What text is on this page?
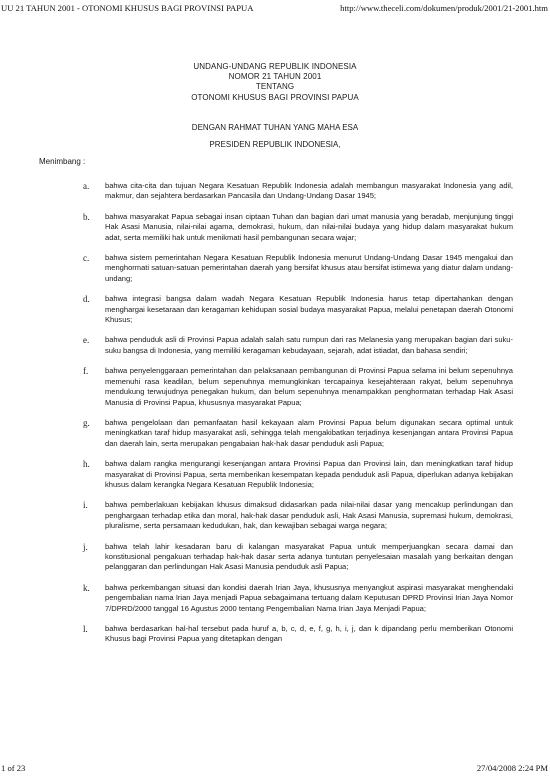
UU 21 TAHUN 2001 - OTONOMI KHUSUS BAGI PROVINSI PAPUA	http://www.theceli.com/dokumen/produk/2001/21-2001.htm
UNDANG-UNDANG REPUBLIK INDONESIA
NOMOR 21 TAHUN 2001
TENTANG
OTONOMI KHUSUS BAGI PROVINSI PAPUA
DENGAN RAHMAT TUHAN YANG MAHA ESA
PRESIDEN REPUBLIK INDONESIA,
Menimbang :
a.	bahwa cita-cita dan tujuan Negara Kesatuan Republik Indonesia adalah membangun masyarakat Indonesia yang adil, makmur, dan sejahtera berdasarkan Pancasila dan Undang-Undang Dasar 1945;
b.	bahwa masyarakat Papua sebagai insan ciptaan Tuhan dan bagian dari umat manusia yang beradab, menjunjung tinggi Hak Asasi Manusia, nilai-nilai agama, demokrasi, hukum, dan nilai-nilai budaya yang hidup dalam masyarakat hukum adat, serta memiliki hak untuk menikmati hasil pembangunan secara wajar;
c.	bahwa sistem pemerintahan Negara Kesatuan Republik Indonesia menurut Undang-Undang Dasar 1945 mengakui dan menghormati satuan-satuan pemerintahan daerah yang bersifat khusus atau bersifat istimewa yang diatur dalam undang-undang;
d.	bahwa integrasi bangsa dalam wadah Negara Kesatuan Republik Indonesia harus tetap dipertahankan dengan menghargai kesetaraan dan keragaman kehidupan sosial budaya masyarakat Papua, melalui penetapan daerah Otonomi Khusus;
e.	bahwa penduduk asli di Provinsi Papua adalah salah satu rumpun dari ras Melanesia yang merupakan bagian dari suku-suku bangsa di Indonesia, yang memiliki keragaman kebudayaan, sejarah, adat istiadat, dan bahasa sendiri;
f.	bahwa penyelenggaraan pemerintahan dan pelaksanaan pembangunan di Provinsi Papua selama ini belum sepenuhnya memenuhi rasa keadilan, belum sepenuhnya memungkinkan tercapainya kesejahteraan rakyat, belum sepenuhnya mendukung terwujudnya penegakan hukum, dan belum sepenuhnya menampakkan penghormatan terhadap Hak Asasi Manusia di Provinsi Papua, khususnya masyarakat Papua;
g.	bahwa pengelolaan dan pemanfaatan hasil kekayaan alam Provinsi Papua belum digunakan secara optimal untuk meningkatkan taraf hidup masyarakat asli, sehingga telah mengakibatkan terjadinya kesenjangan antara Provinsi Papua dan daerah lain, serta merupakan pengabaian hak-hak dasar penduduk asli Papua;
h.	bahwa dalam rangka mengurangi kesenjangan antara Provinsi Papua dan Provinsi lain, dan meningkatkan taraf hidup masyarakat di Provinsi Papua, serta memberikan kesempatan kepada penduduk asli Papua, diperlukan adanya kebijakan khusus dalam kerangka Negara Kesatuan Republik Indonesia;
i.	bahwa pemberlakuan kebijakan khusus dimaksud didasarkan pada nilai-nilai dasar yang mencakup perlindungan dan penghargaan terhadap etika dan moral, hak-hak dasar penduduk asli, Hak Asasi Manusia, supremasi hukum, demokrasi, pluralisme, serta persamaan kedudukan, hak, dan kewajiban sebagai warga negara;
j.	bahwa telah lahir kesadaran baru di kalangan masyarakat Papua untuk memperjuangkan secara damai dan konstitusional pengakuan terhadap hak-hak dasar serta adanya tuntutan penyelesaian masalah yang berkaitan dengan pelanggaran dan perlindungan Hak Asasi Manusia penduduk asli Papua;
k.	bahwa perkembangan situasi dan kondisi daerah Irian Jaya, khususnya menyangkut aspirasi masyarakat menghendaki pengembalian nama Irian Jaya menjadi Papua sebagaimana tertuang dalam Keputusan DPRD Provinsi Irian Jaya Nomor 7/DPRD/2000 tanggal 16 Agustus 2000 tentang Pengembalian Nama Irian Jaya Menjadi Papua;
l.	bahwa berdasarkan hal-hal tersebut pada huruf a, b, c, d, e, f, g, h, i, j, dan k dipandang perlu memberikan Otonomi Khusus bagi Provinsi Papua yang ditetapkan dengan
1 of 23	27/04/2008 2:24 PM
